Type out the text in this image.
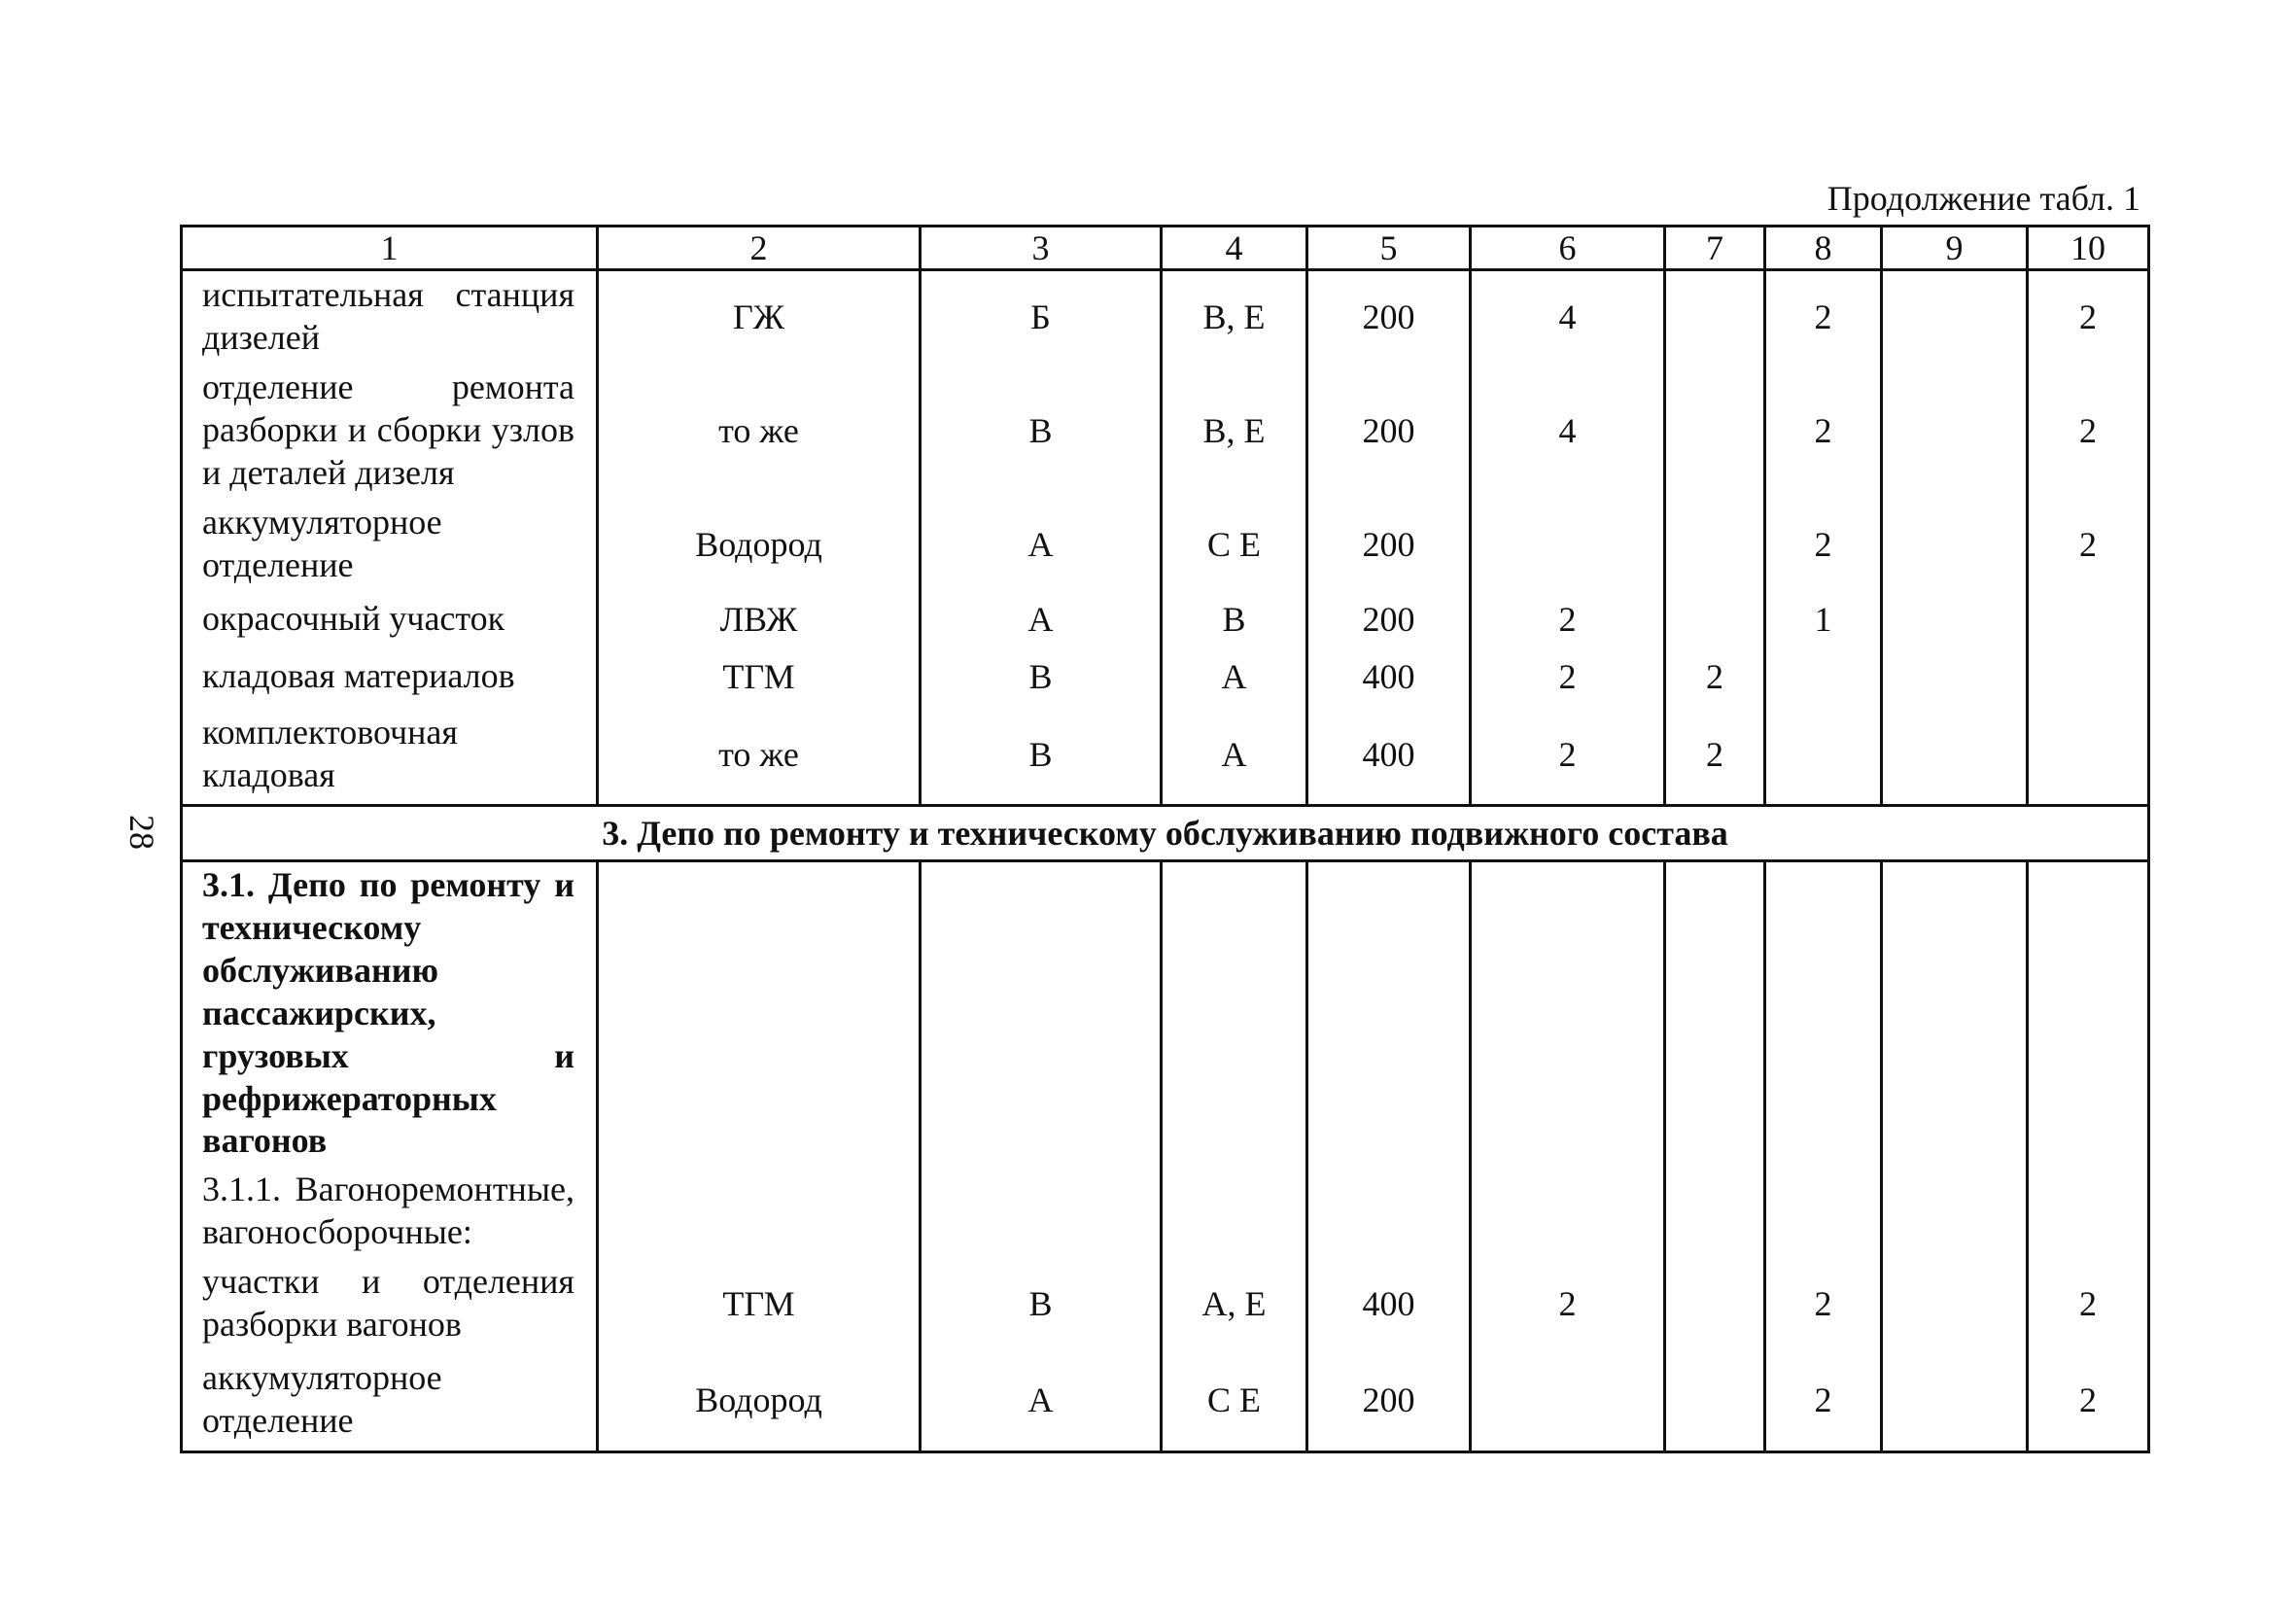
28
Продолжение табл. 1
1	2	3	4	5	6	7	8	9	10
испытательная станция дизелей	ГЖ	Б	В, Е	200	4		2		2
отделение ремонта разборки и сборки узлов и деталей дизеля	то же	В	В, Е	200	4		2		2
аккумуляторное отделение	Водород	А	С Е	200			2		2
окрасочный участок	ЛВЖ	А	В	200	2		1		
кладовая материалов	ТГМ	В	А	400	2	2			
комплектовочная кладовая	то же	В	А	400	2	2			
3. Депо по ремонту и техническому обслуживанию подвижного состава									
3.1. Депо по ремонту и техническому обслуживанию пассажирских, грузовых и рефрижераторных вагонов									
3.1.1. Вагоноремонтные, вагоносборочные:									
участки и отделения разборки вагонов	ТГМ	В	А, Е	400	2		2		2
аккумуляторное отделение	Водород	А	С Е	200			2		2
